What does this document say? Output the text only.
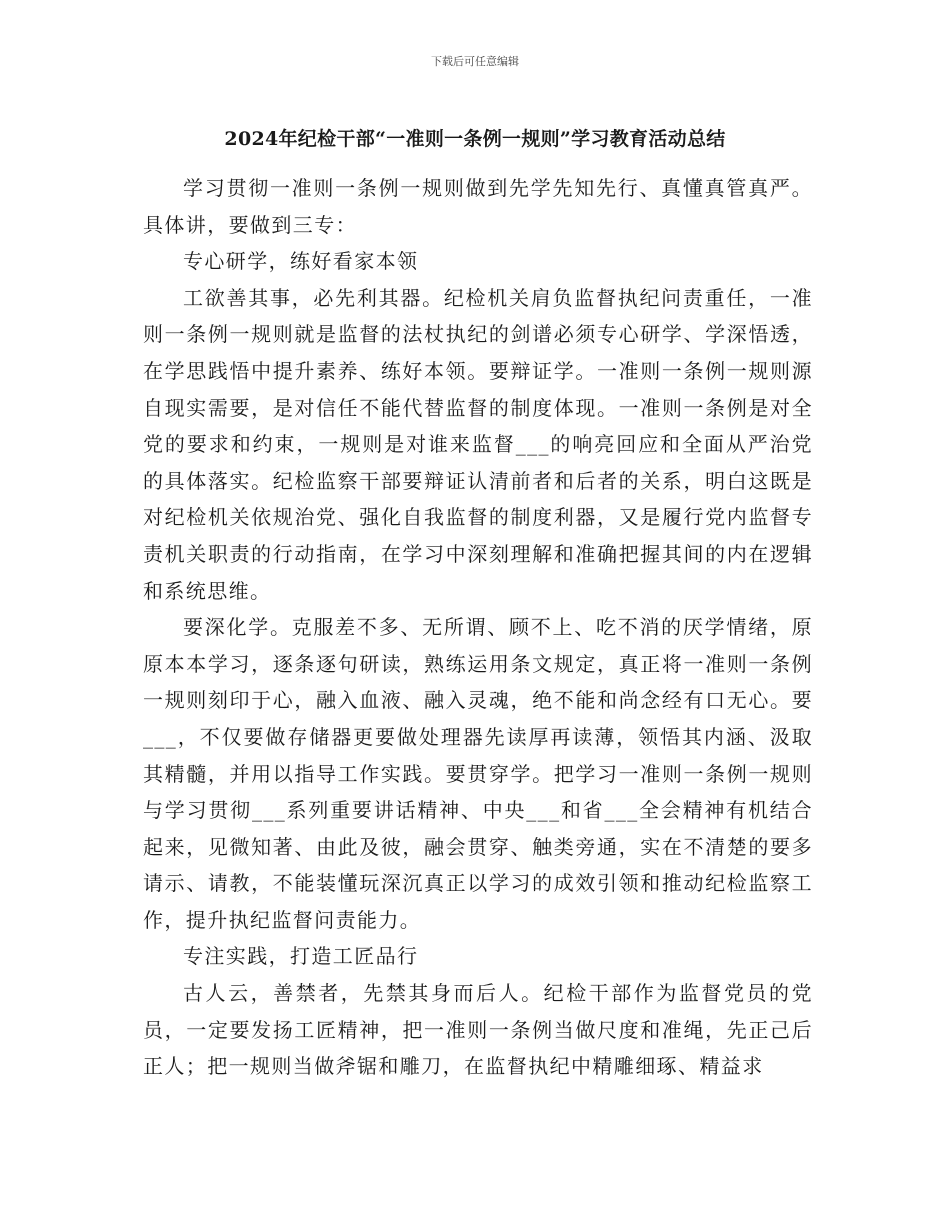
下载后可任意编辑
2024年纪检干部“一准则一条例一规则”学习教育活动总结

学习贯彻一准则一条例一规则做到先学先知先行、真懂真管真严。具体讲，要做到三专：

专心研学，练好看家本领

工欲善其事，必先利其器。纪检机关肩负监督执纪问责重任，一准则一条例一规则就是监督的法杖执纪的剑谱必须专心研学、学深悟透，在学思践悟中提升素养、练好本领。要辩证学。一准则一条例一规则源自现实需要，是对信任不能代替监督的制度体现。一准则一条例是对全党的要求和约束，一规则是对谁来监督___的响亮回应和全面从严治党的具体落实。纪检监察干部要辩证认清前者和后者的关系，明白这既是对纪检机关依规治党、强化自我监督的制度利器，又是履行党内监督专责机关职责的行动指南，在学习中深刻理解和准确把握其间的内在逻辑和系统思维。

要深化学。克服差不多、无所谓、顾不上、吃不消的厌学情绪，原原本本学习，逐条逐句研读，熟练运用条文规定，真正将一准则一条例一规则刻印于心，融入血液、融入灵魂，绝不能和尚念经有口无心。要___，不仅要做存储器更要做处理器先读厚再读薄，领悟其内涵、汲取其精髓，并用以指导工作实践。要贯穿学。把学习一准则一条例一规则与学习贯彻___系列重要讲话精神、中央___和省___全会精神有机结合起来，见微知著、由此及彼，融会贯穿、触类旁通，实在不清楚的要多请示、请教，不能装懂玩深沉真正以学习的成效引领和推动纪检监察工作，提升执纪监督问责能力。

专注实践，打造工匠品行

古人云，善禁者，先禁其身而后人。纪检干部作为监督党员的党员，一定要发扬工匠精神，把一准则一条例当做尺度和准绳，先正己后正人；把一规则当做斧锯和雕刀，在监督执纪中精雕细琢、精益求
